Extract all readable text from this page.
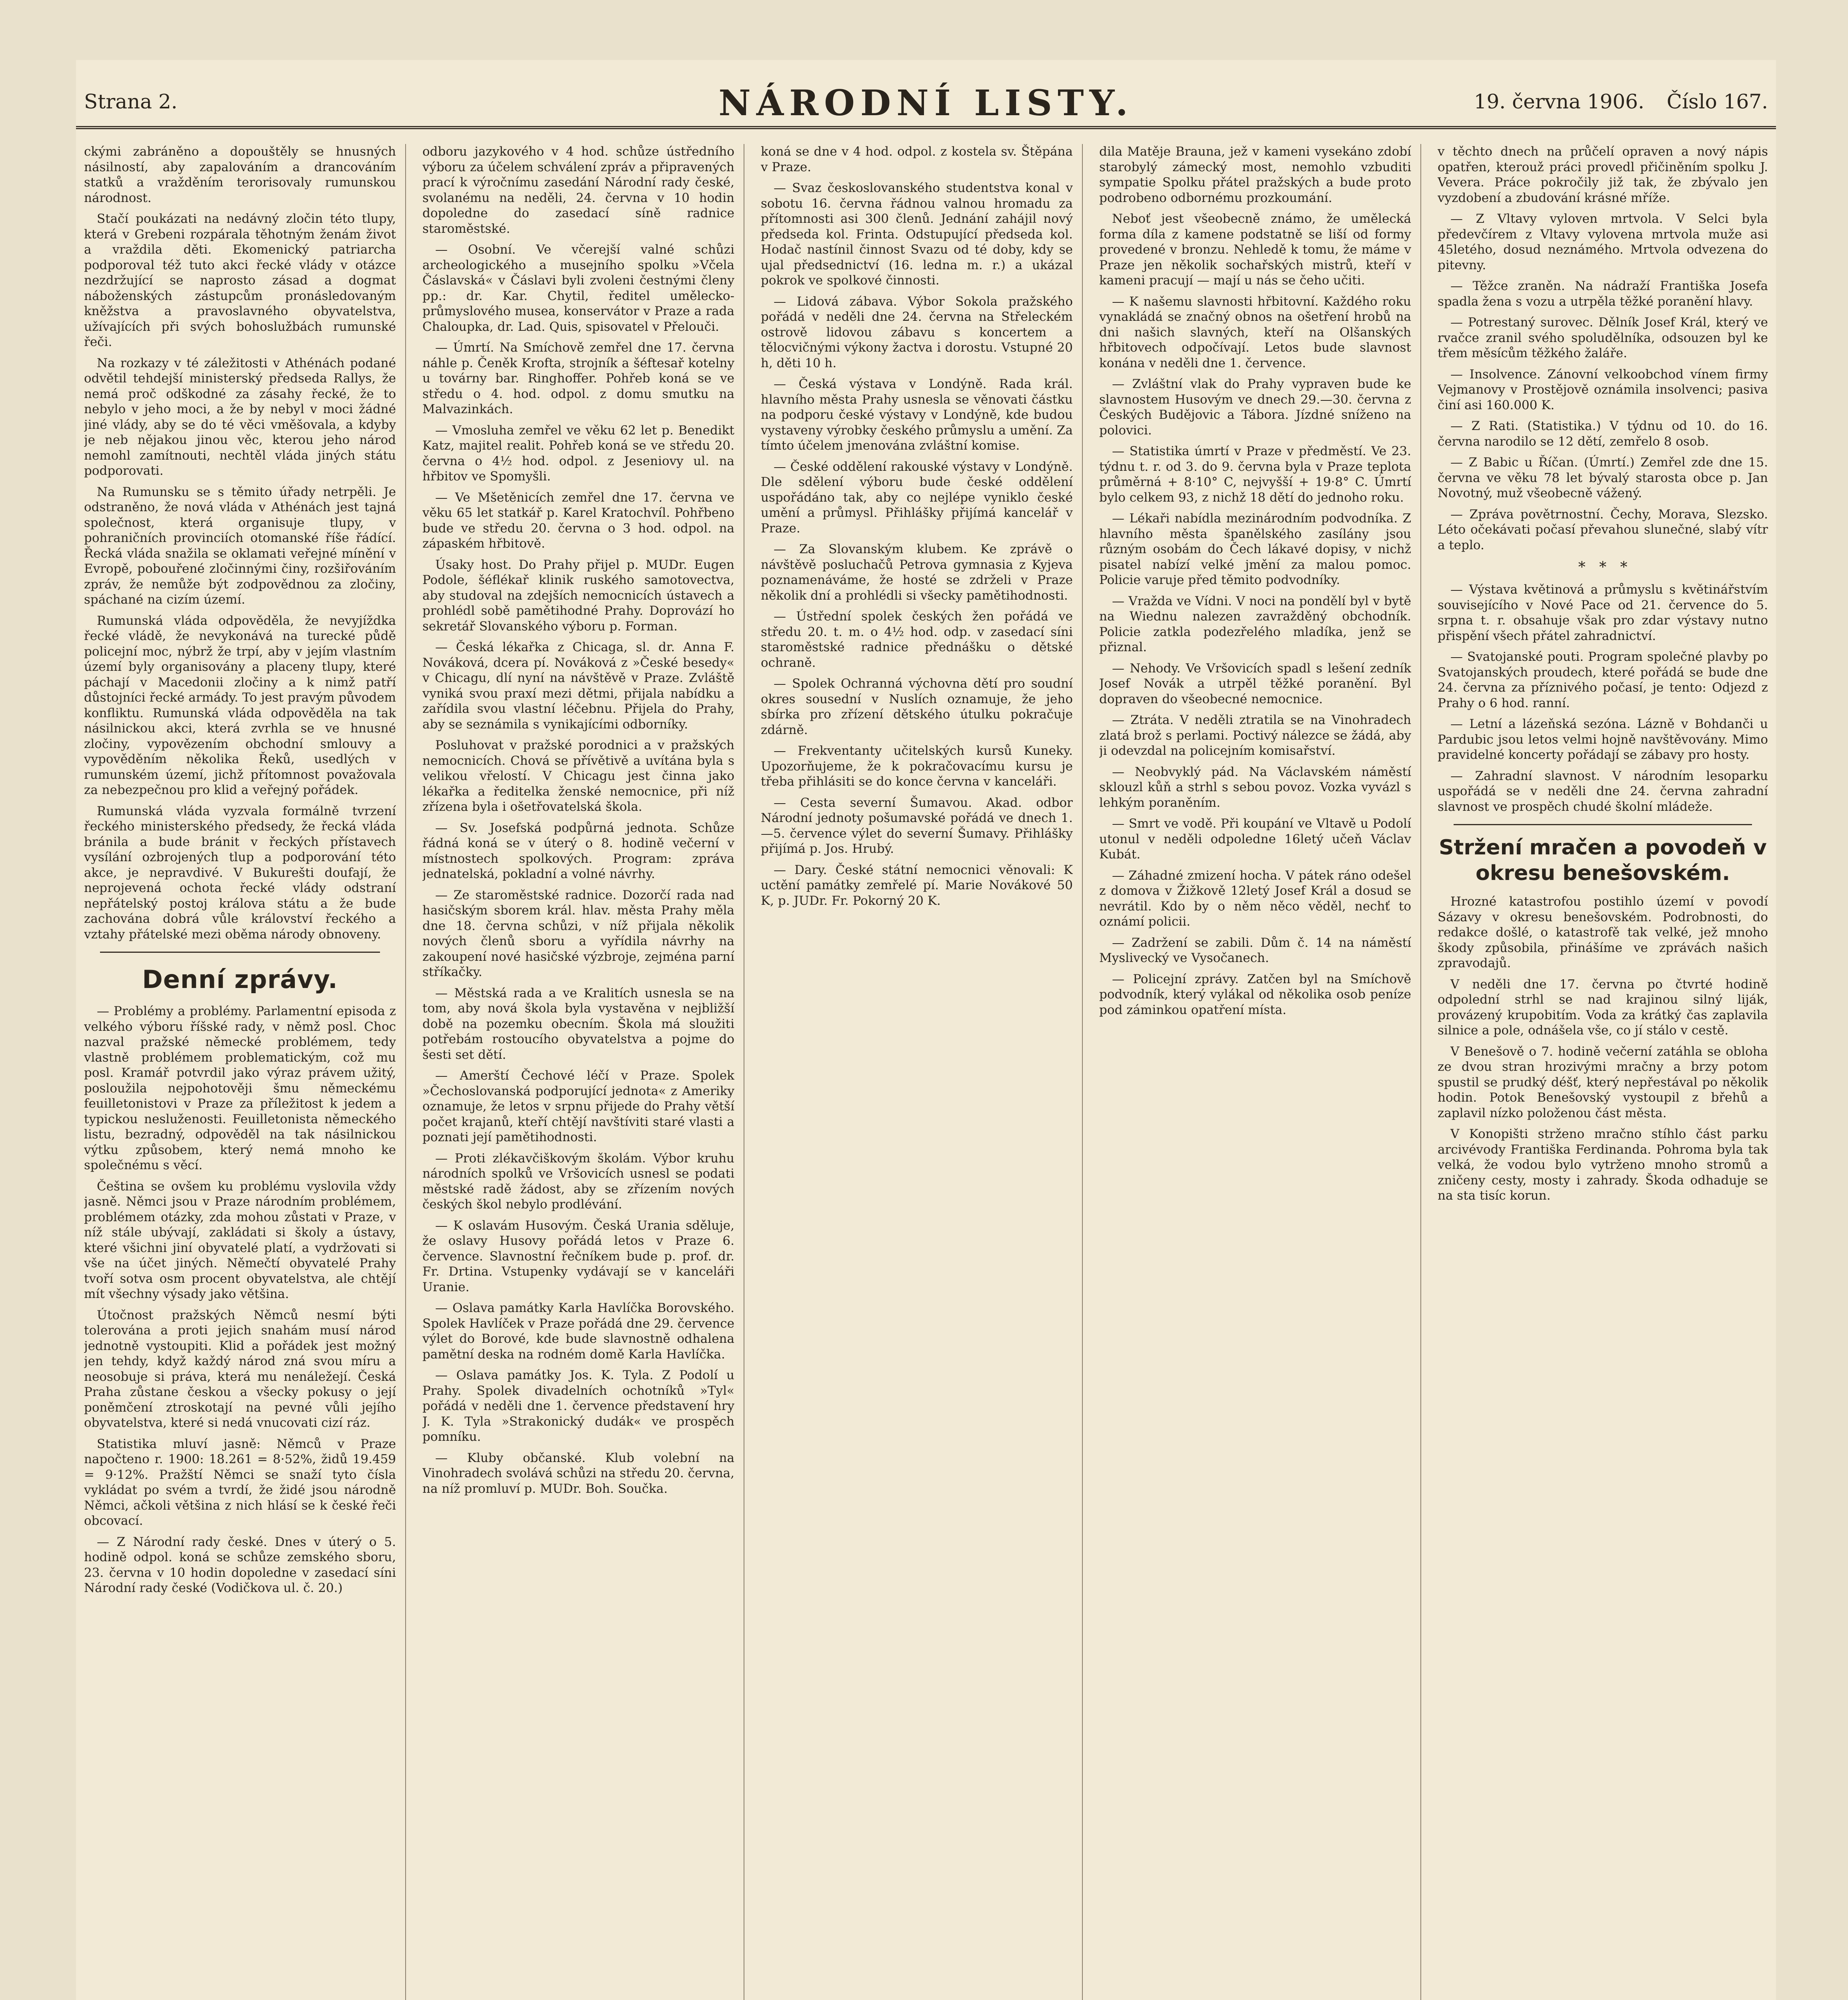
Strana 2.	NÁRODNÍ LISTY.	19. června 1906. Číslo 167.

ckými zabráněno a dopouštěly se hnusných násilností, aby zapalováním a drancováním statků a vražděním terorisovaly rumunskou národnost.

Stačí poukázati na nedávný zločin této tlupy, která v Grebeni rozpárala těhotným ženám život a vraždila děti. Ekomenický patriarcha podporoval též tuto akci řecké vlády v otázce nezdržující se naprosto zásad a dogmat náboženských zástupcům pronásledovaným kněžstva a pravoslavného obyvatelstva, užívajících při svých bohoslužbách rumunské řeči.

Na rozkazy v té záležitosti v Athénách podané odvětil tehdejší ministerský předseda Rallys, že nemá proč odškodné za zásahy řecké, že to nebylo v jeho moci, a že by nebyl v moci žádné jiné vlády, aby se do té věci vměšovala, a kdyby je neb nějakou jinou věc, kterou jeho národ nemohl zamítnouti, nechtěl vláda jiných státu podporovati.

Na Rumunsku se s těmito úřady netrpěli. Je odstraněno, že nová vláda v Athénách jest tajná společnost, která organisuje tlupy, v pohraničních provinciích otomanské říše řádící. Řecká vláda snažila se oklamati veřejné mínění v Evropě, pobouřené zločinnými činy, rozšiřováním zpráv, že nemůže být zodpovědnou za zločiny, spáchané na cizím území.

Rumunská vláda odpověděla, že nevyjíždka řecké vládě, že nevykonává na turecké půdě policejní moc, nýbrž že trpí, aby v jejím vlastním území byly organisovány a placeny tlupy, které páchají v Macedonii zločiny a k nimž patří důstojníci řecké armády. To jest pravým původem konfliktu. Rumunská vláda odpověděla na tak násilnickou akci, která zvrhla se ve hnusné zločiny, vypovězením obchodní smlouvy a vypověděním několika Řeků, usedlých v rumunském území, jichž přítomnost považovala za nebezpečnou pro klid a veřejný pořádek.

Rumunská vláda vyzvala formálně tvrzení řeckého ministerského předsedy, že řecká vláda bránila a bude bránit v řeckých přístavech vysílání ozbrojených tlup a podporování této akce, je nepravdivé. V Bukurešti doufají, že neprojevená ochota řecké vlády odstraní nepřátelský postoj králova státu a že bude zachována dobrá vůle království řeckého a vztahy přátelské mezi oběma národy obnoveny.

Denní zprávy.

— Problémy a problémy. Parlamentní episoda z velkého výboru říšské rady, v němž posl. Choc nazval pražské německé problémem, tedy vlastně problémem problematickým, což mu posl. Kramář potvrdil jako výraz právem užitý, posloužila nejpohotověji šmu německému feuilletonistovi v Praze za příležitost k jedem a typickou nesluženosti. Feuilletonista německého listu, bezradný, odpověděl na tak násilnickou výtku způsobem, který nemá mnoho ke společnému s věcí.

Čeština se ovšem ku problému vyslovila vždy jasně. Němci jsou v Praze národním problémem, problémem otázky, zda mohou zůstati v Praze, v níž stále ubývají, zakládati si školy a ústavy, které všichni jiní obyvatelé platí, a vydržovati si vše na účet jiných. Němečtí obyvatelé Prahy tvoří sotva osm procent obyvatelstva, ale chtějí mít všechny výsady jako většina.

Útočnost pražských Němců nesmí býti tolerována a proti jejich snahám musí národ jednotně vystoupiti. Klid a pořádek jest možný jen tehdy, když každý národ zná svou míru a neosobuje si práva, která mu nenáležejí. Česká Praha zůstane českou a všecky pokusy o její poněmčení ztroskotají na pevné vůli jejího obyvatelstva, které si nedá vnucovati cizí ráz.

Statistika mluví jasně: Němců v Praze napočteno r. 1900: 18.261 = 8·52%, židů 19.459 = 9·12%. Pražští Němci se snaží tyto čísla vykládat po svém a tvrdí, že židé jsou národně Němci, ačkoli většina z nich hlásí se k české řeči obcovací.

— Z Národní rady české. Dnes v úterý o 5. hodině odpol. koná se schůze zemského sboru, 23. června v 10 hodin dopoledne v zasedací síni Národní rady české (Vodičkova ul. č. 20.)

odboru jazykového v 4 hod. schůze ústředního výboru za účelem schválení zpráv a připravených prací k výročnímu zasedání Národní rady české, svolanému na neděli, 24. června v 10 hodin dopoledne do zasedací síně radnice staroměstské.

— Osobní. Ve včerejší valné schůzi archeologického a musejního spolku »Včela Čáslavská« v Čáslavi byli zvoleni čestnými členy pp.: dr. Kar. Chytil, ředitel umělecko-průmyslového musea, konservátor v Praze a rada Chaloupka, dr. Lad. Quis, spisovatel v Přelouči.

— Úmrtí. Na Smíchově zemřel dne 17. června náhle p. Čeněk Kroftа, strojník a šéftesař kotelny u továrny bar. Ringhoffer. Pohřeb koná se ve středu o 4. hod. odpol. z domu smutku na Malvazinkách.

— Vmosluha zemřel ve věku 62 let p. Benedikt Katz, majitel realit. Pohřeb koná se ve středu 20. června o 4½ hod. odpol. z Jeseniovy ul. na hřbitov ve Spomyšli.

— Ve Mšetěnicích zemřel dne 17. června ve věku 65 let statkář p. Karel Kratochvíl. Pohřbeno bude ve středu 20. června o 3 hod. odpol. na zápaském hřbitově.

Úsaky host. Do Prahy přijel p. MUDr. Eugen Podole, šéflékař klinik ruského samotovectva, aby studoval na zdejších nemocnicích ústavech a prohlédl sobě pamětihodné Prahy. Doprovází ho sekretář Slovanského výboru p. Forman.

— Česká lékařka z Chicaga, sl. dr. Anna F. Nováková, dcera pí. Nováková z »České besedy« v Chicagu, dlí nyní na návštěvě v Praze. Zvláště vyniká svou praxí mezi dětmi, přijala nabídku a zařídila svou vlastní léčebnu. Přijela do Prahy, aby se seznámila s vynikajícími odborníky.

Posluhovat v pražské porodnici a v pražských nemocnicích. Chová se přívětivě a uvítána byla s velikou vřelostí. V Chicagu jest činna jako lékařka a ředitelka ženské nemocnice, při níž zřízena byla i ošetřovatelská škola.

— Sv. Josefská podpůrná jednota. Schůze řádná koná se v úterý o 8. hodině večerní v místnostech spolkových. Program: zpráva jednatelská, pokladní a volné návrhy.

— Ze staroměstské radnice. Dozorčí rada nad hasičským sborem král. hlav. města Prahy měla dne 18. června schůzi, v níž přijala několik nových členů sboru a vyřídila návrhy na zakoupení nové hasičské výzbroje, zejména parní stříkačky.

— Městská rada a ve Kralitích usnesla se na tom, aby nová škola byla vystavěna v nejbližší době na pozemku obecním. Škola má sloužiti potřebám rostoucího obyvatelstva a pojme do šesti set dětí.

— Amerští Čechové léčí v Praze. Spolek »Čechoslovanská podporující jednota« z Ameriky oznamuje, že letos v srpnu přijede do Prahy větší počet krajanů, kteří chtějí navštíviti staré vlasti a poznati její pamětihodnosti.

— Proti zlékavčiškovým školám. Výbor kruhu národních spolků ve Vršovicích usnesl se podati městské radě žádost, aby se zřízením nových českých škol nebylo prodlévání.

— K oslavám Husovým. Česká Urania sděluje, že oslavy Husovy pořádá letos v Praze 6. července. Slavnostní řečníkem bude p. prof. dr. Fr. Drtina. Vstupenky vydávají se v kanceláři Uranie.

— Oslava památky Karla Havlíčka Borovského. Spolek Havlíček v Praze pořádá dne 29. července výlet do Borové, kde bude slavnostně odhalena pamětní deska na rodném domě Karla Havlíčka.

— Oslava památky Jos. K. Tyla. Z Podolí u Prahy. Spolek divadelních ochotníků »Tyl« pořádá v neděli dne 1. července představení hry J. K. Tyla »Strakonický dudák« ve prospěch pomníku.

— Kluby občanské. Klub volební na Vinohradech svolává schůzi na středu 20. června, na níž promluví p. MUDr. Boh. Součka.

koná se dne v 4 hod. odpol. z kostela sv. Štěpána v Praze.

— Svaz českoslovanského studentstva konal v sobotu 16. června řádnou valnou hromadu za přítomnosti asi 300 členů. Jednání zahájil nový předseda kol. Frinta. Odstupující předseda kol. Hodač nastínil činnost Svazu od té doby, kdy se ujal předsednictví (16. ledna m. r.) a ukázal pokrok ve spolkové činnosti.

— Lidová zábava. Výbor Sokola pražského pořádá v neděli dne 24. června na Střeleckém ostrově lidovou zábavu s koncertem a tělocvičnými výkony žactva i dorostu. Vstupné 20 h, děti 10 h.

— Česká výstava v Londýně. Rada král. hlavního města Prahy usnesla se věnovati částku na podporu české výstavy v Londýně, kde budou vystaveny výrobky českého průmyslu a umění. Za tímto účelem jmenována zvláštní komise.

— České oddělení rakouské výstavy v Londýně. Dle sdělení výboru bude české oddělení uspořádáno tak, aby co nejlépe vyniklo české umění a průmysl. Přihlášky přijímá kancelář v Praze.

— Za Slovanským klubem. Ke zprávě o návštěvě posluchačů Petrova gymnasia z Kyjeva poznamenáváme, že hosté se zdrželi v Praze několik dní a prohlédli si všecky pamětihodnosti.

— Ústřední spolek českých žen pořádá ve středu 20. t. m. o 4½ hod. odp. v zasedací síni staroměstské radnice přednášku o dětské ochraně.

— Spolek Ochranná výchovna dětí pro soudní okres sousední v Nuslích oznamuje, že jeho sbírka pro zřízení dětského útulku pokračuje zdárně.

— Frekventanty učitelských kursů Kuneky. Upozorňujeme, že k pokračovacímu kursu je třeba přihlásiti se do konce června v kanceláři.

— Cesta severní Šumavou. Akad. odbor Národní jednoty pošumavské pořádá ve dnech 1.—5. července výlet do severní Šumavy. Přihlášky přijímá p. Jos. Hrubý.

— Dary. České státní nemocnici věnovali: K uctění památky zemřelé pí. Marie Novákové 50 K, p. JUDr. Fr. Pokorný 20 K.

dila Matěje Brauna, jež v kameni vysekáno zdobí starobylý zámecký most, nemohlo vzbuditi sympatie Spolku přátel pražských a bude proto podrobeno odbornému prozkoumání.

Neboť jest všeobecně známo, že umělecká forma díla z kamene podstatně se liší od formy provedené v bronzu. Nehledě k tomu, že máme v Praze jen několik sochařských mistrů, kteří v kameni pracují — mají u nás se čeho učiti.

— K našemu slavnosti hřbitovní. Každého roku vynakládá se značný obnos na ošetření hrobů na dni našich slavných, kteří na Olšanských hřbitovech odpočívají. Letos bude slavnost konána v neděli dne 1. července.

— Zvláštní vlak do Prahy vypraven bude ke slavnostem Husovým ve dnech 29.—30. června z Českých Budějovic a Tábora. Jízdné sníženo na polovici.

— Statistika úmrtí v Praze v předměstí. Ve 23. týdnu t. r. od 3. do 9. června byla v Praze teplota průměrná + 8·10° C, nejvyšší + 19·8° C. Úmrtí bylo celkem 93, z nichž 18 dětí do jednoho roku.

— Lékaři nabídla mezinárodním podvodníka. Z hlavního města španělského zasílány jsou různým osobám do Čech lákavé dopisy, v nichž pisatel nabízí velké jmění za malou pomoc. Policie varuje před těmito podvodníky.

— Vražda ve Vídni. V noci na pondělí byl v bytě na Wiednu nalezen zavražděný obchodník. Policie zatkla podezřelého mladíka, jenž se přiznal.

— Nehody. Ve Vršovicích spadl s lešení zedník Josef Novák a utrpěl těžké poranění. Byl dopraven do všeobecné nemocnice.

— Ztráta. V neděli ztratila se na Vinohradech zlatá brož s perlami. Poctivý nálezce se žádá, aby ji odevzdal na policejním komisařství.

— Neobvyklý pád. Na Václavském náměstí sklouzl kůň a strhl s sebou povoz. Vozka vyvázl s lehkým poraněním.

— Smrt ve vodě. Při koupání ve Vltavě u Podolí utonul v neděli odpoledne 16letý učeň Václav Kubát.

— Záhadné zmizení hocha. V pátek ráno odešel z domova v Žižkově 12letý Josef Král a dosud se nevrátil. Kdo by o něm něco věděl, nechť to oznámí policii.

— Zadržení se zabili. Dům č. 14 na náměstí Myslivecký ve Vysočanech.

— Policejní zprávy. Zatčen byl na Smíchově podvodník, který vylákal od několika osob peníze pod záminkou opatření místa.

v těchto dnech na průčelí opraven a nový nápis opatřen, kterouž práci provedl přičiněním spolku J. Vevera. Práce pokročily již tak, že zbývalo jen vyzdobení a zbudování krásné mříže.

— Z Vltavy vyloven mrtvola. V Selci byla předevčírem z Vltavy vylovena mrtvola muže asi 45letého, dosud neznámého. Mrtvola odvezena do pitevny.

— Těžce zraněn. Na nádraží Františka Josefa spadla žena s vozu a utrpěla těžké poranění hlavy.

— Potrestaný surovec. Dělník Josef Král, který ve rvačce zranil svého spoludělníka, odsouzen byl ke třem měsícům těžkého žaláře.

— Insolvence. Zánovní velkoobchod vínem firmy Vejmanovy v Prostějově oznámila insolvenci; pasiva činí asi 160.000 K.

— Z Rati. (Statistika.) V týdnu od 10. do 16. června narodilo se 12 dětí, zemřelo 8 osob.

— Z Babic u Říčan. (Úmrtí.) Zemřel zde dne 15. června ve věku 78 let bývalý starosta obce p. Jan Novotný, muž všeobecně vážený.

— Zpráva povětrnostní. Čechy, Morava, Slezsko. Léto očekávati počasí převahou slunečné, slabý vítr a teplo.

*   *   *

— Výstava květinová a průmyslu s květinářstvím souvisejícího v Nové Pace od 21. července do 5. srpna t. r. obsahuje však pro zdar výstavy nutno přispění všech přátel zahradnictví.

— Svatojanské pouti. Program společné plavby po Svatojanských proudech, které pořádá se bude dne 24. června za příznivého počasí, je tento: Odjezd z Prahy o 6 hod. ranní.

— Letní a lázeňská sezóna. Lázně v Bohdanči u Pardubic jsou letos velmi hojně navštěvovány. Mimo pravidelné koncerty pořádají se zábavy pro hosty.

— Zahradní slavnost. V národním lesoparku uspořádá se v neděli dne 24. června zahradní slavnost ve prospěch chudé školní mládeže.

Stržení mračen a povodeň v okresu benešovském.

Hrozné katastrofou postihlo území v povodí Sázavy v okresu benešovském. Podrobnosti, do redakce došlé, o katastrofě tak velké, jež mnoho škody způsobila, přinášíme ve zprávách našich zpravodajů.

V neděli dne 17. června po čtvrté hodině odpolední strhl se nad krajinou silný liják, provázený krupobitím. Voda za krátký čas zaplavila silnice a pole, odnášela vše, co jí stálo v cestě.

V Benešově o 7. hodině večerní zatáhla se obloha ze dvou stran hrozivými mračny a brzy potom spustil se prudký déšť, který nepřestával po několik hodin. Potok Benešovský vystoupil z břehů a zaplavil nízko položenou část města.

V Konopišti strženo mračno stíhlo část parku arcivévody Františka Ferdinanda. Pohroma byla tak velká, že vodou bylo vytrženo mnoho stromů a zničeny cesty, mosty i zahrady. Škoda odhaduje se na sta tisíc korun.
